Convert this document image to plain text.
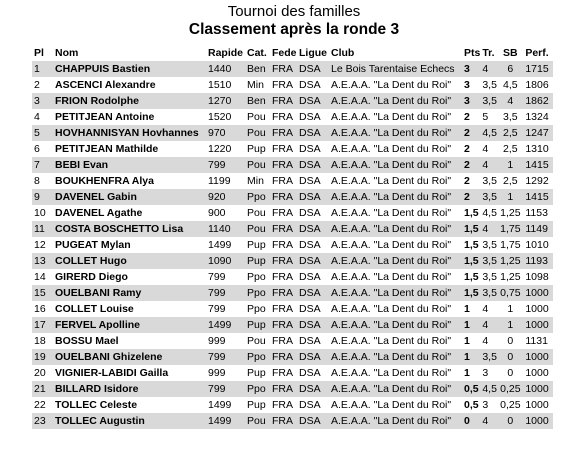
Tournoi des familles
Classement après la ronde 3
Pl	Nom	Rapide	Cat.	Fede	Ligue	Club	Pts	Tr.	SB	Perf.
1	CHAPPUIS Bastien	1440	Ben	FRA	DSA	Le Bois Tarentaise Echecs	3	4	6	1715
2	ASCENCI Alexandre	1510	Min	FRA	DSA	A.E.A.A. "La Dent du Roi"	3	3,5	4,5	1806
3	FRION Rodolphe	1270	Ben	FRA	DSA	A.E.A.A. "La Dent du Roi"	3	3,5	4	1862
4	PETITJEAN Antoine	1520	Pou	FRA	DSA	A.E.A.A. "La Dent du Roi"	2	5	3,5	1324
5	HOVHANNISYAN Hovhannes	970	Pou	FRA	DSA	A.E.A.A. "La Dent du Roi"	2	4,5	2,5	1247
6	PETITJEAN Mathilde	1220	Pup	FRA	DSA	A.E.A.A. "La Dent du Roi"	2	4	2,5	1310
7	BEBI Evan	799	Pou	FRA	DSA	A.E.A.A. "La Dent du Roi"	2	4	1	1415
8	BOUKHENFRA Alya	1199	Min	FRA	DSA	A.E.A.A. "La Dent du Roi"	2	3,5	2,5	1292
9	DAVENEL Gabin	920	Ppo	FRA	DSA	A.E.A.A. "La Dent du Roi"	2	3,5	1	1415
10	DAVENEL Agathe	900	Pou	FRA	DSA	A.E.A.A. "La Dent du Roi"	1,5	4,5	1,25	1153
11	COSTA BOSCHETTO Lisa	1140	Pou	FRA	DSA	A.E.A.A. "La Dent du Roi"	1,5	4	1,75	1149
12	PUGEAT Mylan	1499	Pup	FRA	DSA	A.E.A.A. "La Dent du Roi"	1,5	3,5	1,75	1010
13	COLLET Hugo	1090	Pup	FRA	DSA	A.E.A.A. "La Dent du Roi"	1,5	3,5	1,25	1193
14	GIRERD Diego	799	Ppo	FRA	DSA	A.E.A.A. "La Dent du Roi"	1,5	3,5	1,25	1098
15	OUELBANI Ramy	799	Ppo	FRA	DSA	A.E.A.A. "La Dent du Roi"	1,5	3,5	0,75	1000
16	COLLET Louise	799	Ppo	FRA	DSA	A.E.A.A. "La Dent du Roi"	1	4	1	1000
17	FERVEL Apolline	1499	Pup	FRA	DSA	A.E.A.A. "La Dent du Roi"	1	4	1	1000
18	BOSSU Mael	999	Pou	FRA	DSA	A.E.A.A. "La Dent du Roi"	1	4	0	1131
19	OUELBANI Ghizelene	799	Ppo	FRA	DSA	A.E.A.A. "La Dent du Roi"	1	3,5	0	1000
20	VIGNIER-LABIDI Gailla	999	Pup	FRA	DSA	A.E.A.A. "La Dent du Roi"	1	3	0	1000
21	BILLARD Isidore	799	Ppo	FRA	DSA	A.E.A.A. "La Dent du Roi"	0,5	4,5	0,25	1000
22	TOLLEC Celeste	1499	Pup	FRA	DSA	A.E.A.A. "La Dent du Roi"	0,5	3	0,25	1000
23	TOLLEC Augustin	1499	Pou	FRA	DSA	A.E.A.A. "La Dent du Roi"	0	4	0	1000
